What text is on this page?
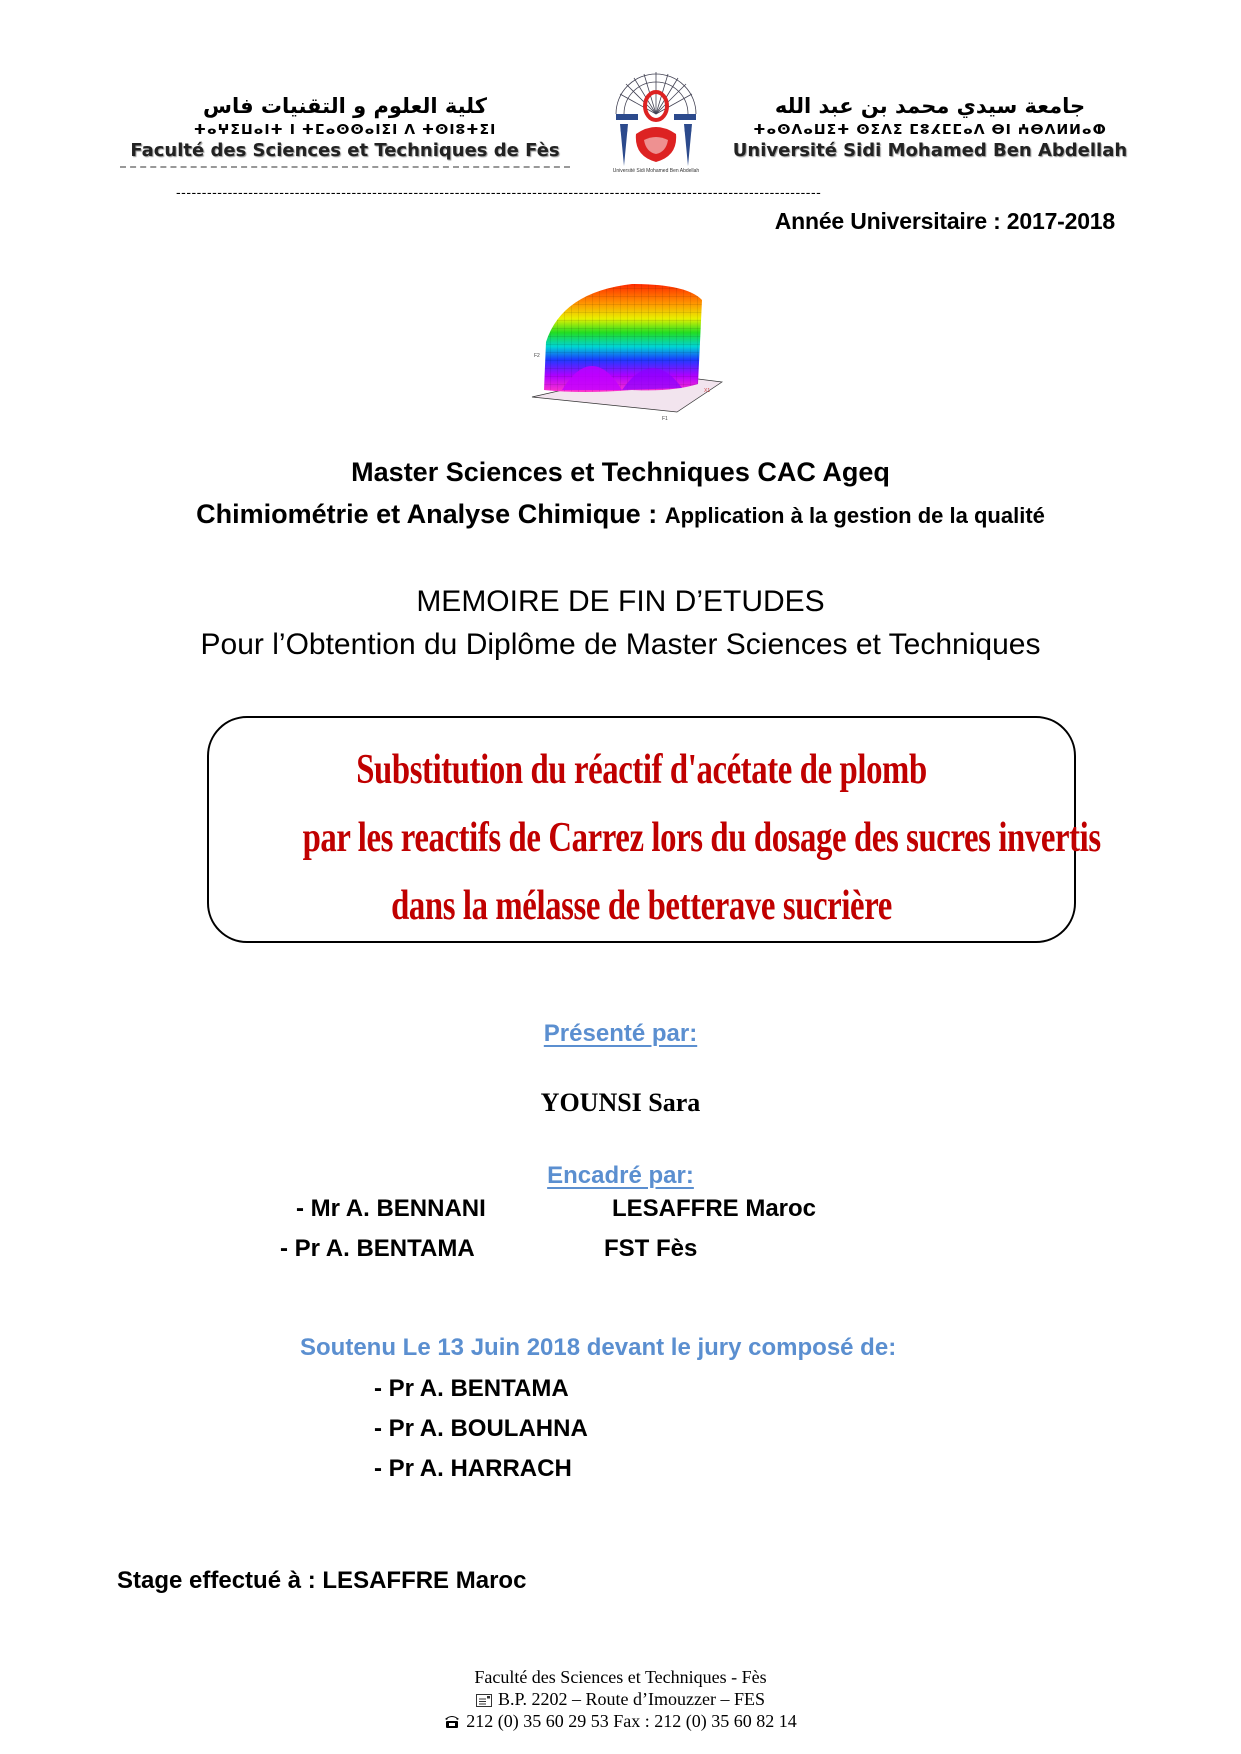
كلية العلوم و التقنيات فاس
ⵜⴰⵖⵉⵡⴰⵏⵜ ⵏ ⵜⵎⴰⵙⵙⴰⵏⵉⵏ ⴷ ⵜⵙⵏⵓⵜⵉⵏ
Faculté des Sciences et Techniques de Fès
Université Sidi Mohamed Ben Abdellah
جامعة سيدي محمد بن عبد الله
ⵜⴰⵙⴷⴰⵡⵉⵜ ⵙⵉⴷⵉ ⵎⵓⵃⵎⵎⴰⴷ ⴱⵏ ⵄⴱⴷⵍⵍⴰⵀ
Université Sidi Mohamed Ben Abdellah
-----------------------------------------------------------------------------------------------------------------------------
Année Universitaire : 2017-2018
F2
X1
F1
Master Sciences et Techniques CAC Ageq
Chimiométrie et Analyse Chimique : Application à la gestion de la qualité
MEMOIRE DE FIN D’ETUDES
Pour l’Obtention du Diplôme de Master Sciences et Techniques
Substitution du réactif d'acétate de plomb
par les reactifs de Carrez lors du dosage des sucres invertis
dans la mélasse de betterave sucrière
Présenté par:
YOUNSI Sara
Encadré par:
- Mr A. BENNANI	LESAFFRE Maroc
- Pr A. BENTAMA	FST Fès
Soutenu Le 13 Juin 2018 devant le jury composé de:
- Pr A. BENTAMA
- Pr A. BOULAHNA
- Pr A. HARRACH
Stage effectué à : LESAFFRE Maroc
Faculté des Sciences et Techniques - Fès
B.P. 2202 – Route d’Imouzzer – FES
212 (0) 35 60 29 53 Fax : 212 (0) 35 60 82 14
